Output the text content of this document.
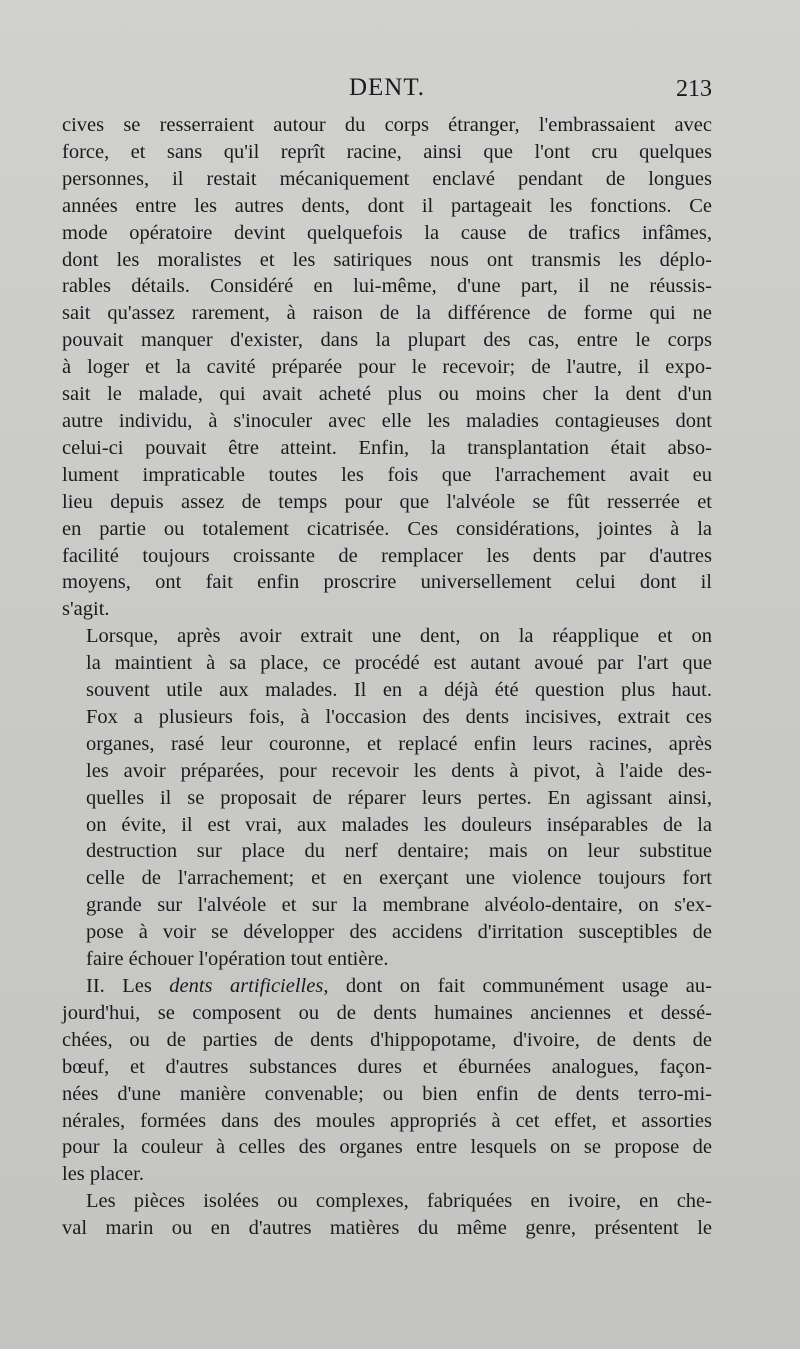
DENT.	213

cives se resserraient autour du corps étranger, l'embrassaient avec
force, et sans qu'il reprît racine, ainsi que l'ont cru quelques
personnes, il restait mécaniquement enclavé pendant de longues
années entre les autres dents, dont il partageait les fonctions. Ce
mode opératoire devint quelquefois la cause de trafics infâmes,
dont les moralistes et les satiriques nous ont transmis les déplo-
rables détails. Considéré en lui-même, d'une part, il ne réussis-
sait qu'assez rarement, à raison de la différence de forme qui ne
pouvait manquer d'exister, dans la plupart des cas, entre le corps
à loger et la cavité préparée pour le recevoir; de l'autre, il expo-
sait le malade, qui avait acheté plus ou moins cher la dent d'un
autre individu, à s'inoculer avec elle les maladies contagieuses dont
celui-ci pouvait être atteint. Enfin, la transplantation était abso-
lument impraticable toutes les fois que l'arrachement avait eu
lieu depuis assez de temps pour que l'alvéole se fût resserrée et
en partie ou totalement cicatrisée. Ces considérations, jointes à la
facilité toujours croissante de remplacer les dents par d'autres
moyens, ont fait enfin proscrire universellement celui dont il
s'agit.

Lorsque, après avoir extrait une dent, on la réapplique et on
la maintient à sa place, ce procédé est autant avoué par l'art que
souvent utile aux malades. Il en a déjà été question plus haut.
Fox a plusieurs fois, à l'occasion des dents incisives, extrait ces
organes, rasé leur couronne, et replacé enfin leurs racines, après
les avoir préparées, pour recevoir les dents à pivot, à l'aide des-
quelles il se proposait de réparer leurs pertes. En agissant ainsi,
on évite, il est vrai, aux malades les douleurs inséparables de la
destruction sur place du nerf dentaire; mais on leur substitue
celle de l'arrachement; et en exerçant une violence toujours fort
grande sur l'alvéole et sur la membrane alvéolo-dentaire, on s'ex-
pose à voir se développer des accidens d'irritation susceptibles de
faire échouer l'opération tout entière.

II. Les dents artificielles, dont on fait communément usage au-
jourd'hui, se composent ou de dents humaines anciennes et dessé-
chées, ou de parties de dents d'hippopotame, d'ivoire, de dents de
bœuf, et d'autres substances dures et éburnées analogues, façon-
nées d'une manière convenable; ou bien enfin de dents terro-mi-
nérales, formées dans des moules appropriés à cet effet, et assorties
pour la couleur à celles des organes entre lesquels on se propose de
les placer.

Les pièces isolées ou complexes, fabriquées en ivoire, en che-
val marin ou en d'autres matières du même genre, présentent le
